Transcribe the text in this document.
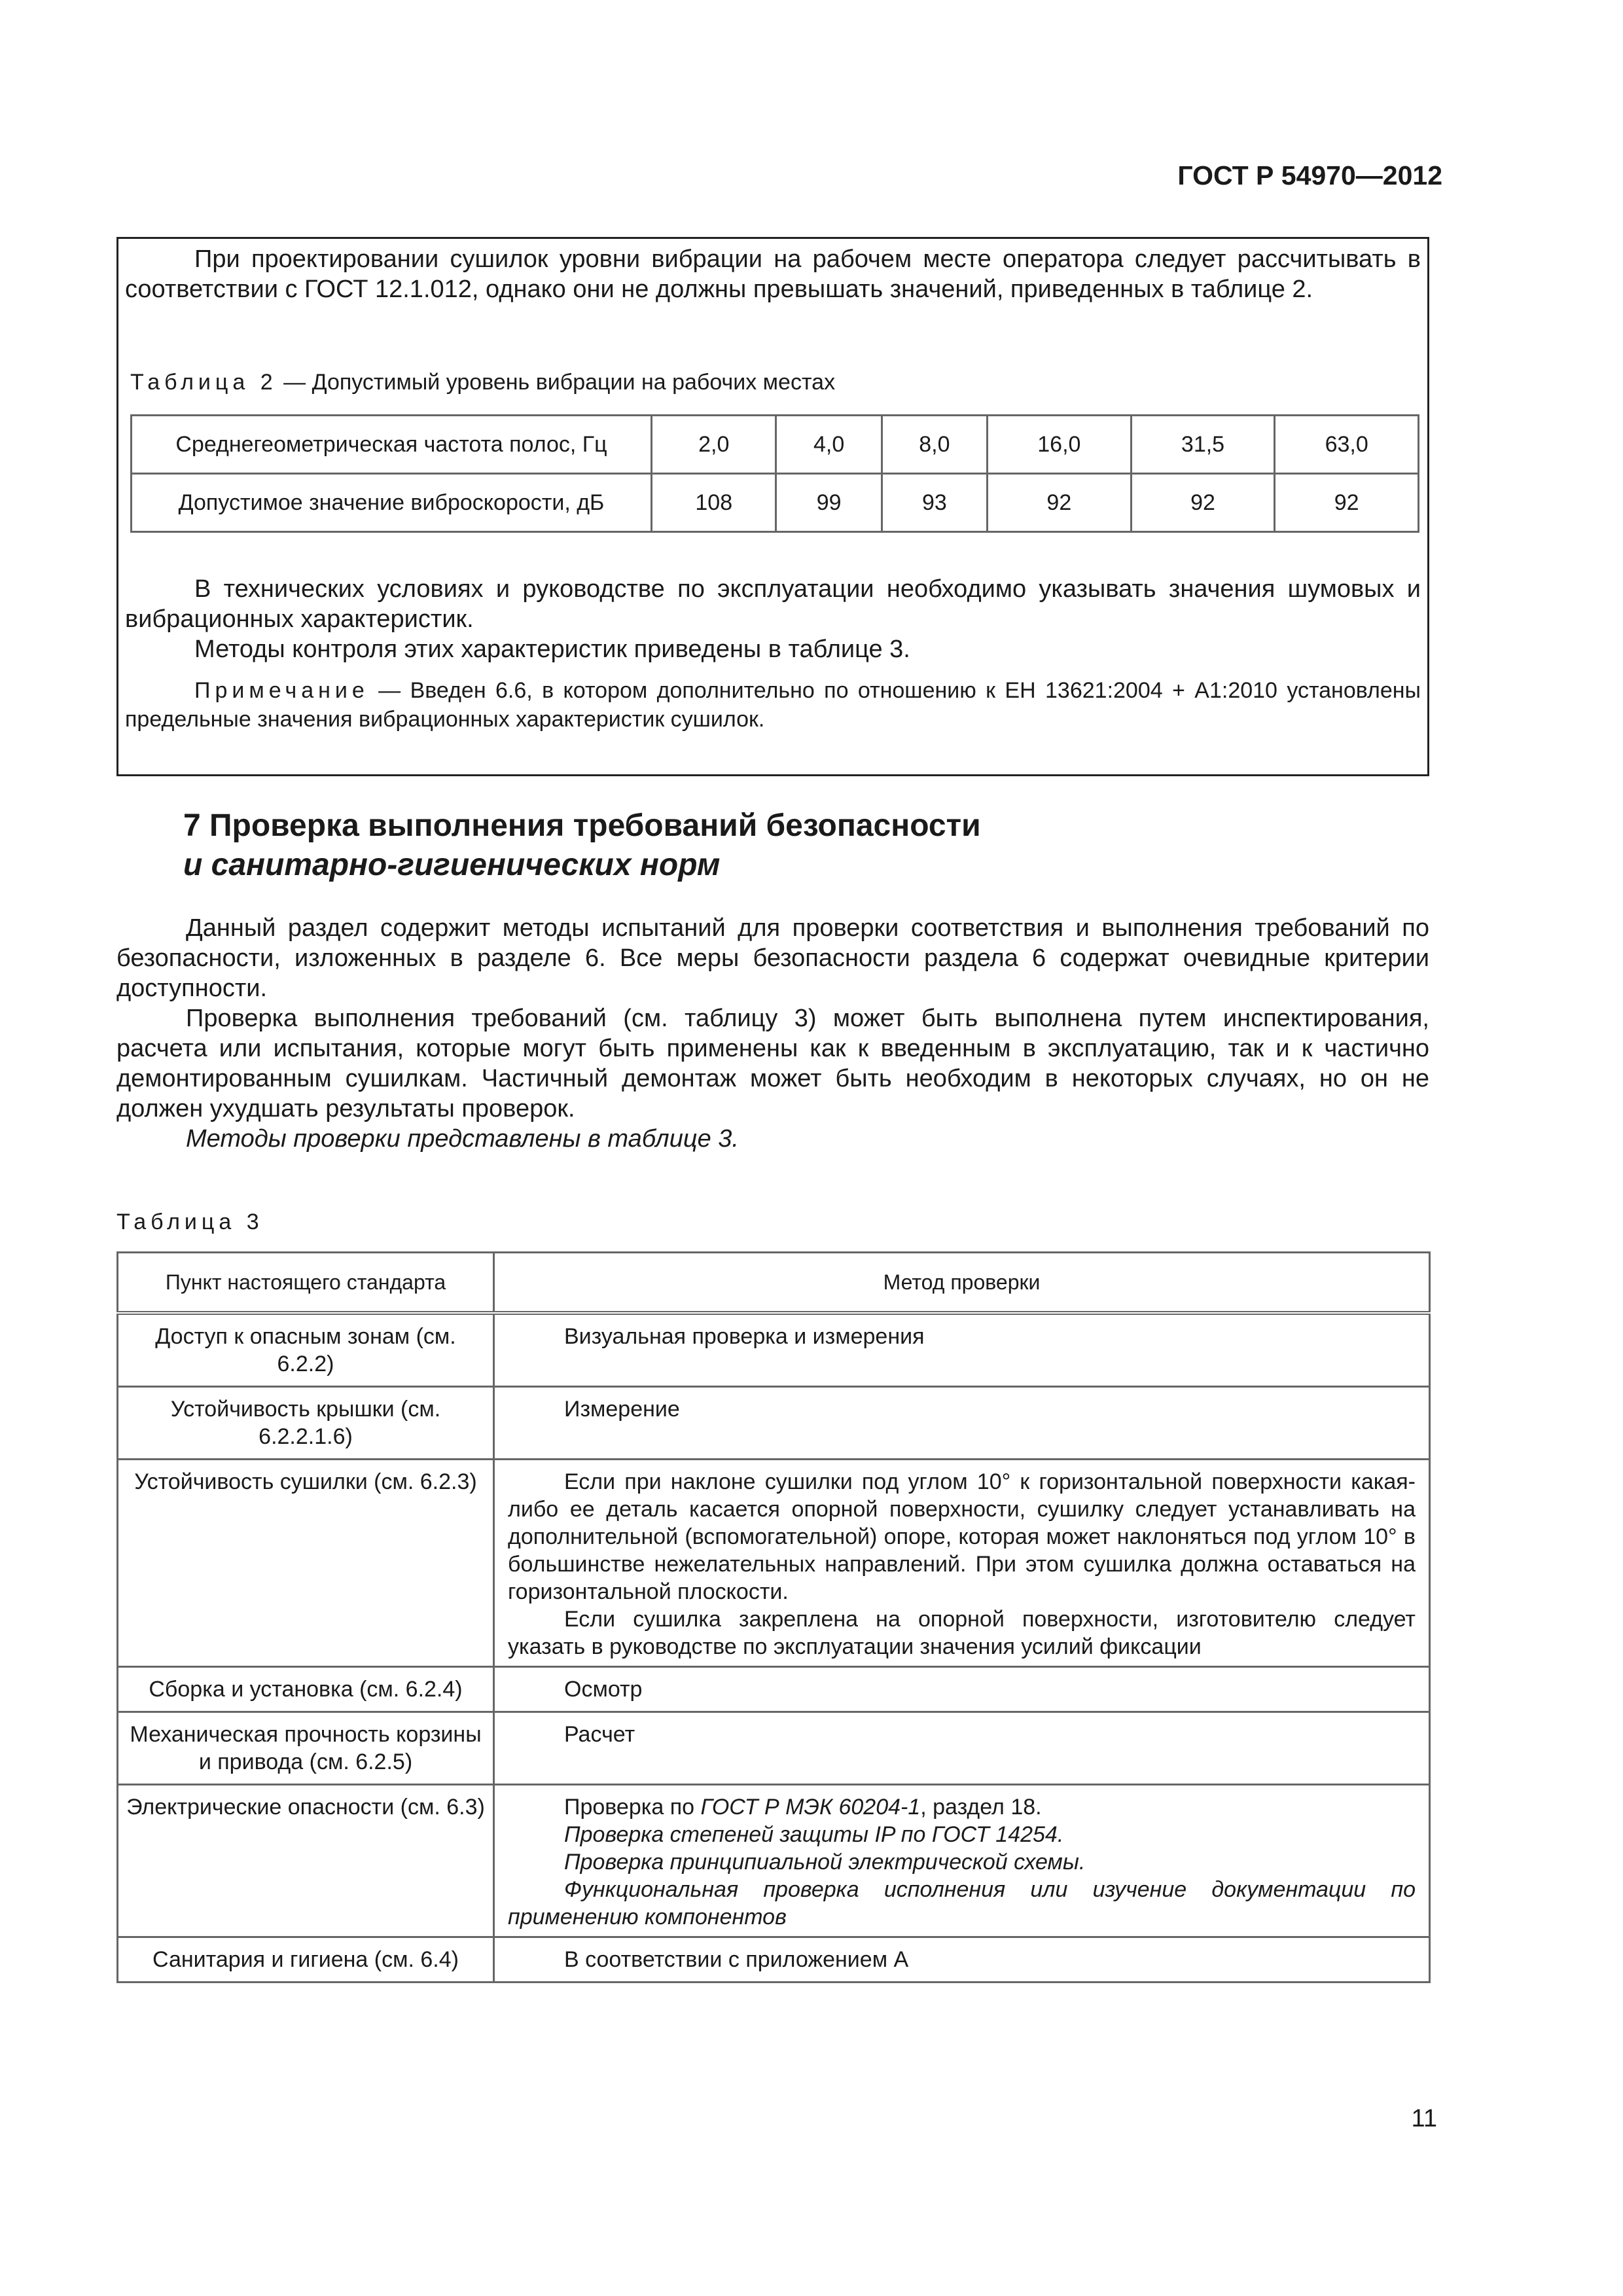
ГОСТ Р 54970—2012

При проектировании сушилок уровни вибрации на рабочем месте оператора следует рассчитывать в соответствии с ГОСТ 12.1.012, однако они не должны превышать значений, приведенных в таблице 2.

Таблица 2 — Допустимый уровень вибрации на рабочих местах
Среднегеометрическая частота полос, Гц	2,0	4,0	8,0	16,0	31,5	63,0
Допустимое значение виброскорости, дБ	108	99	93	92	92	92

В технических условиях и руководстве по эксплуатации необходимо указывать значения шумовых и вибрационных характеристик.

Методы контроля этих характеристик приведены в таблице 3.

Примечание — Введен 6.6, в котором дополнительно по отношению к ЕН 13621:2004 + А1:2010 установлены предельные значения вибрационных характеристик сушилок.

7 Проверка выполнения требований безопасности
и санитарно-гигиенических норм

Данный раздел содержит методы испытаний для проверки соответствия и выполнения требований по безопасности, изложенных в разделе 6. Все меры безопасности раздела 6 содержат очевидные критерии доступности.

Проверка выполнения требований (см. таблицу 3) может быть выполнена путем инспектирования, расчета или испытания, которые могут быть применены как к введенным в эксплуатацию, так и к частично демонтированным сушилкам. Частичный демонтаж может быть необходим в некоторых случаях, но он не должен ухудшать результаты проверок.

Методы проверки представлены в таблице 3.

Таблица 3
Пункт настоящего стандарта	Метод проверки
Доступ к опасным зонам (см. 6.2.2)	Визуальная проверка и измерения

Устойчивость крышки (см. 6.2.2.1.6)	Измерение

Устойчивость сушилки (см. 6.2.3)	Если при наклоне сушилки под углом 10° к горизонтальной поверхности какая-либо ее деталь касается опорной поверхности, сушилку следует устанавливать на дополнительной (вспомогательной) опоре, которая может наклоняться под углом 10° в большинстве нежелательных направлений. При этом сушилка должна оставаться на горизонтальной плоскости.
Если сушилка закреплена на опорной поверхности, изготовителю следует указать в руководстве по эксплуатации значения усилий фиксации

Сборка и установка (см. 6.2.4)	Осмотр

Механическая прочность корзины и привода (см. 6.2.5)	Расчет

Электрические опасности (см. 6.3)	Проверка по ГОСТ Р МЭК 60204-1, раздел 18.
Проверка степеней защиты IP по ГОСТ 14254.
Проверка принципиальной электрической схемы.
Функциональная проверка исполнения или изучение документации по применению компонентов

Санитария и гигиена (см. 6.4)	В соответствии с приложением А
11
